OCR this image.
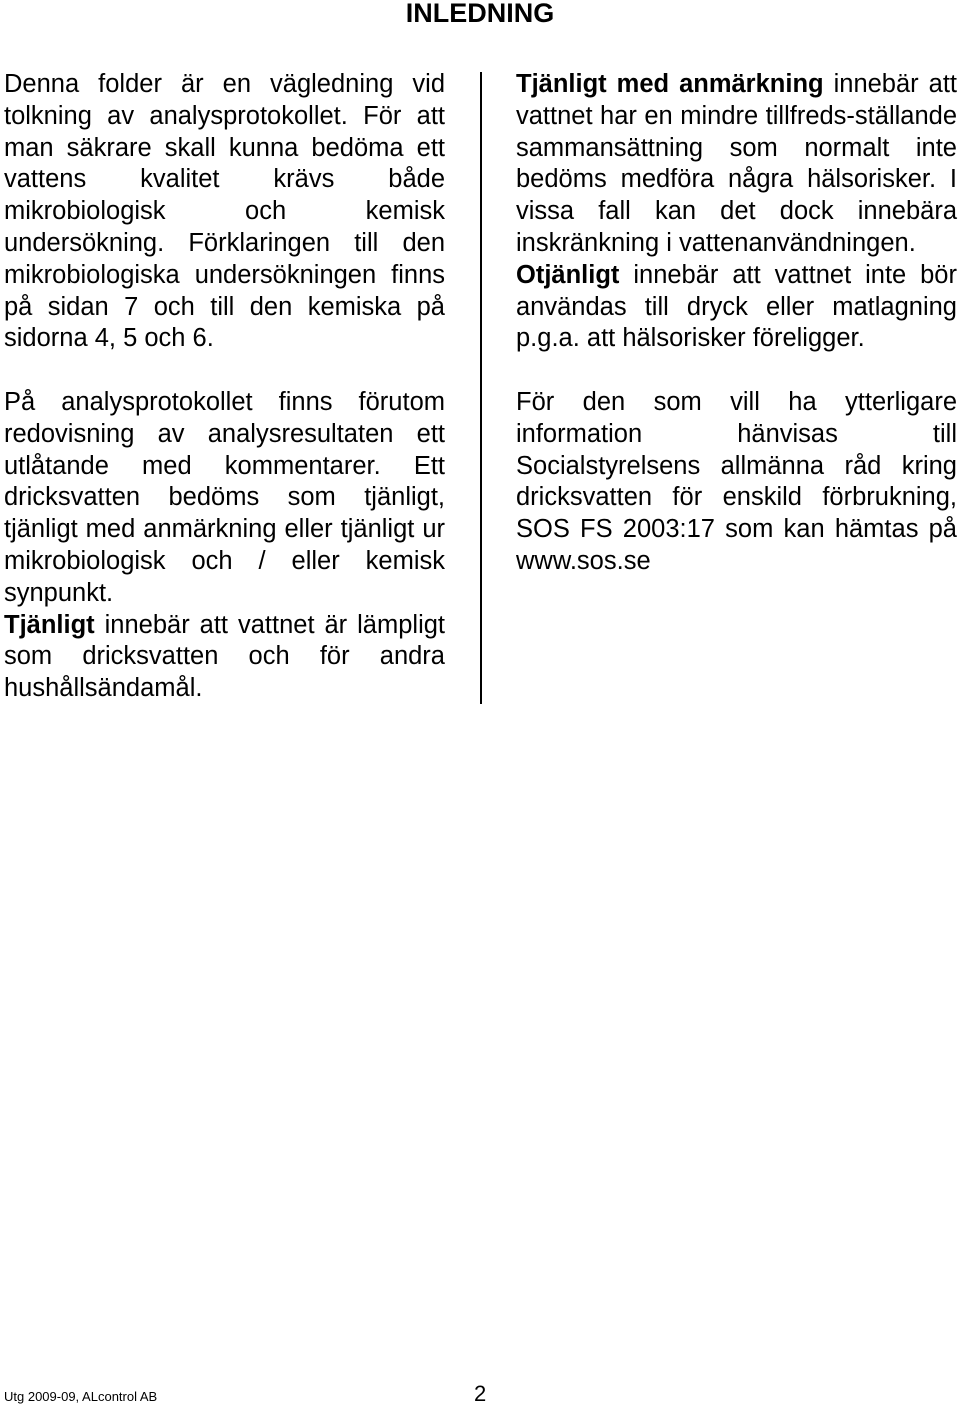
INLEDNING

Denna folder är en vägledning vid tolkning av analysprotokollet. För att man säkrare skall kunna bedöma ett vattens kvalitet krävs både mikrobiologisk och kemisk undersökning. Förklaringen till den mikrobiologiska undersökningen finns på sidan 7 och till den kemiska på sidorna 4, 5 och 6.

På analysprotokollet finns förutom redovisning av analysresultaten ett utlåtande med kommentarer. Ett dricksvatten bedöms som tjänligt, tjänligt med anmärkning eller tjänligt ur mikrobiologisk och / eller kemisk synpunkt.

Tjänligt innebär att vattnet är lämpligt som dricksvatten och för andra hushållsändamål.

Tjänligt med anmärkning innebär att vattnet har en mindre tillfreds-ställande sammansättning som normalt inte bedöms medföra några hälsorisker. I vissa fall kan det dock innebära inskränkning i vattenanvändningen.

Otjänligt innebär att vattnet inte bör användas till dryck eller matlagning p.g.a. att hälsorisker föreligger.

För den som vill ha ytterligare information hänvisas till Socialstyrelsens allmänna råd kring dricksvatten för enskild förbrukning, SOS FS 2003:17 som kan hämtas på www.sos.se

Utg 2009-09, ALcontrol AB	2
